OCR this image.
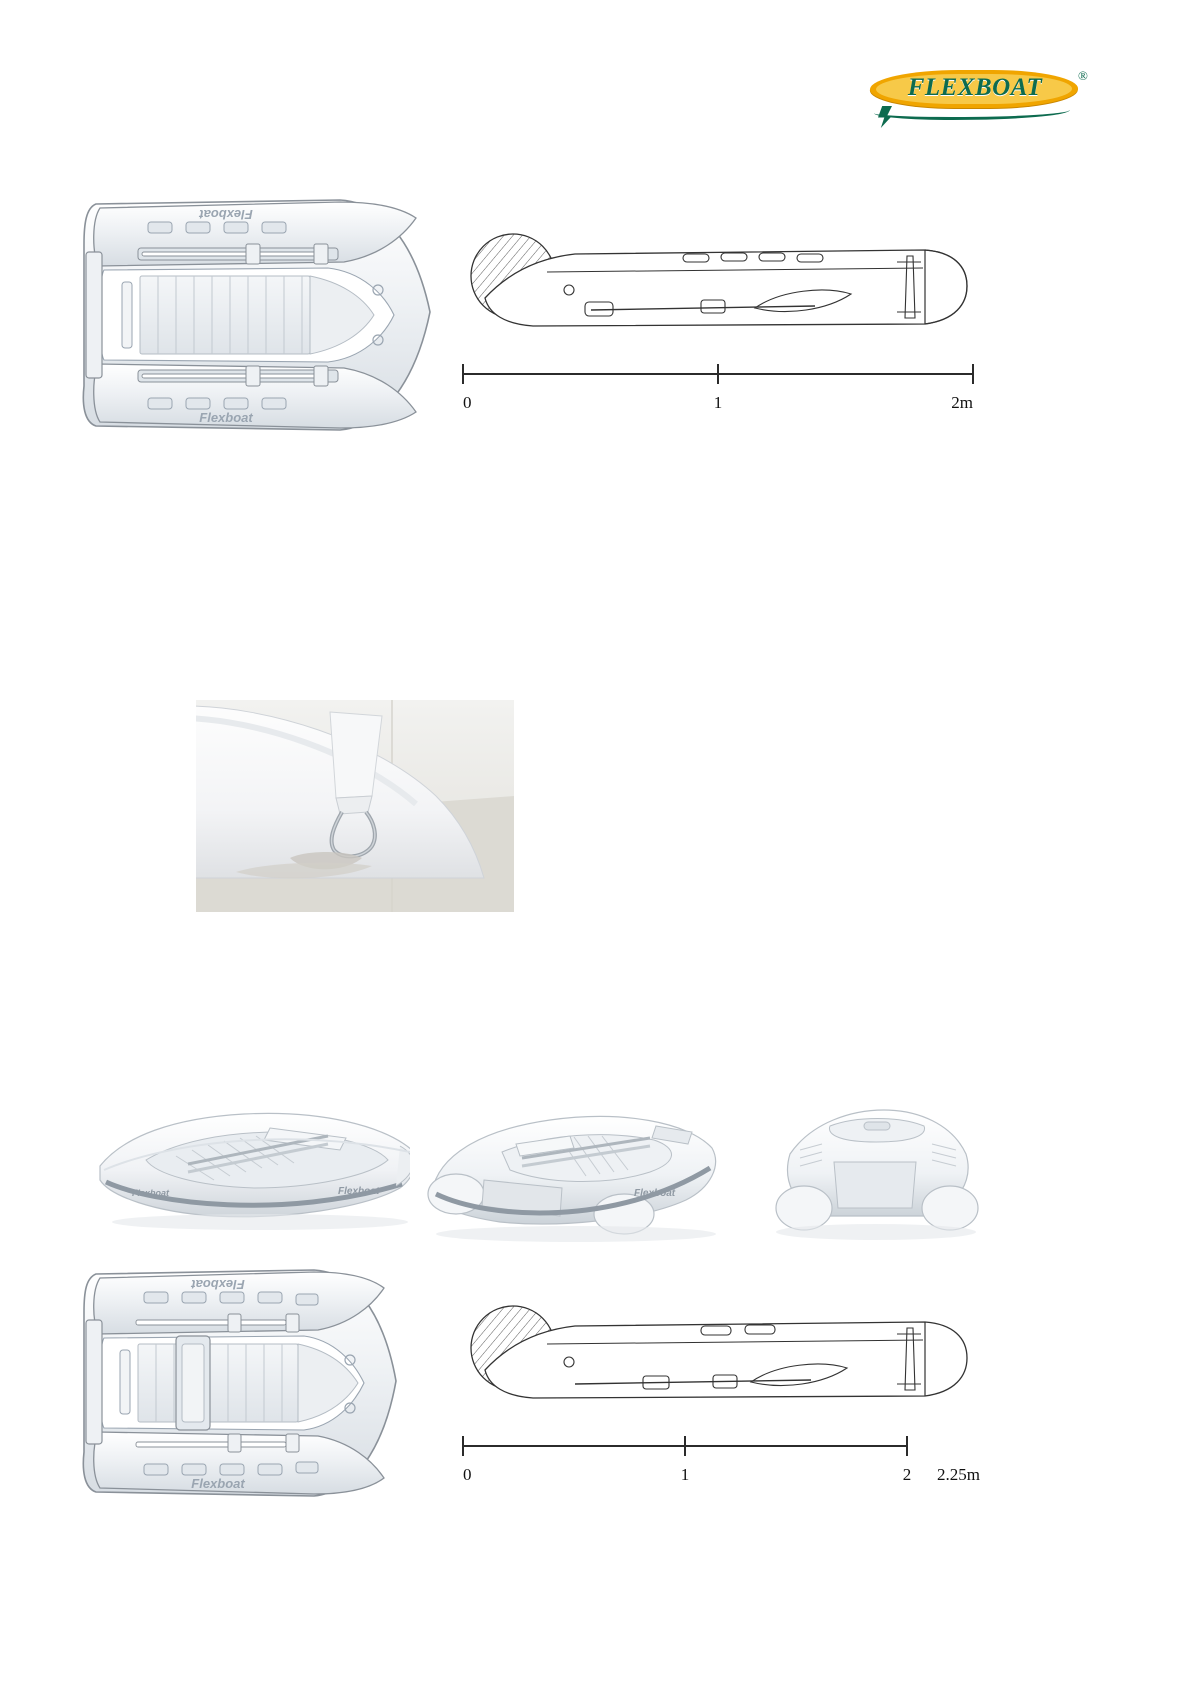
FLEXBOAT	®
Flexboat
Flexboat
0	1	2m
Flexboat	Flexboat	Flexboat
Flexboat
Flexboat	0	1	2 2.25m
